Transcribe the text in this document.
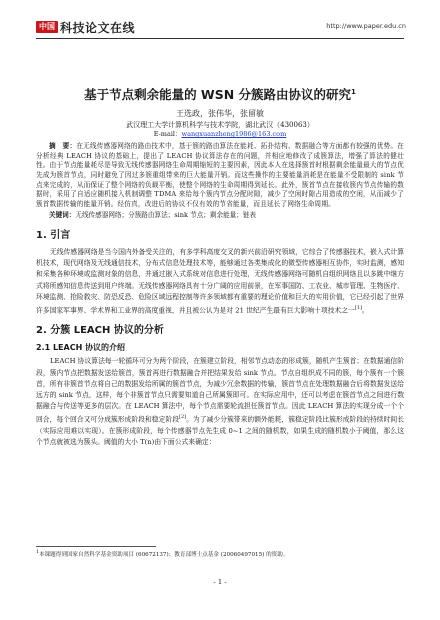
中国 科技论文在线	http://www.paper.edu.cn
基于节点剩余能量的 WSN 分簇路由协议的研究$^1$
王选政，张伟华，张留敏
武汉理工大学计算机科学与技术学院，湖北武汉（430063）
E-mail：wangxuanzheng1986@163.com

摘　要：在无线传感器网络的路由技术中，基于簇的路由算法在能耗、拓扑结构、数据融合等方面都有较强的优势。在分析经典 LEACH 协议的基础上，提出了 LEACH 协议算法存在的问题，并相应地修改了成簇算法，增强了算法的健壮性。由于节点能量耗尽是导致无线传感器网络生命周期缩短的主要因素，因此本人在选择簇首时根据剩余能量最大的节点优先成为簇首节点，同时避免了因过多簇重组带来的巨大能量开销。而这些操作的主要能量消耗是在能量不受限制的 sink 节点来完成的，从而保证了整个网络的负载平衡，使整个网络的生命周期得到延长。此外，簇首节点在接收簇内节点传输的数据时，采用了自适应随机接入机制调整 TDMA 来给每个簇内节点分配时隙，减少了空闲时隙占用造成的空闲，从而减少了簇首数据传输的能量开销。经仿真，改进后的协议不仅有效的节省能量，而且延长了网络生命周期。

关键词：无线传感器网络；分簇路由算法；sink 节点；剩余能量；链表
1. 引言

无线传感器网络是当今国内外备受关注的，有多学科高度交叉的新兴前沿研究领域，它综合了传感器技术，嵌入式计算机技术，现代网络及无线通信技术，分布式信息处理技术等，能够通过各类集成化的微型传感器相互协作，实时监测，感知和采集各种环境或监测对象的信息，并通过嵌入式系统对信息进行处理，无线传感器网络可随机自组织网络且以多跳中继方式将所感知信息传送到用户终端。无线传感器网络具有十分广阔的应用前景，在军事国防、工农业、城市管理、生物医疗、环境监测、抢险救灾、防恐反恐、危险区域远程控制等许多领域都有重要的理论价值和巨大的实用价值，它已经引起了世界许多国家军事界、学术界和工业界的高度重视，并且被公认为是对 21 世纪产生最有巨大影响十项技术之一[1]。

2. 分簇 LEACH 协议的分析
2.1 LEACH 协议的介绍

LEACH 协议算法每一轮循环可分为两个阶段，在簇建立阶段，相邻节点动态的形成簇，随机产生簇首；在数据通信阶段，簇内节点把数据发送给簇首，簇首再进行数据融合并把结果发给 sink 节点。节点自组织成不同的簇，每个簇有一个簇首，所有非簇首节点将自己的数据发给所属的簇首节点，为减少冗余数据的传输，簇首节点在处理数据融合后将数据发送给远方的 sink 节点，这样，每个非簇首节点只需要知道自己所属簇即可。在实际应用中，还可以考虑在簇首节点之间进行数据融合与传送等更多的层次。在 LEACH 算法中，每个节点需要轮流担任簇首节点。因此 LEACH 算法的实现分成一个个回合，每个回合又可分成簇形成阶段和稳定阶段[2]。为了减少分簇带来的额外能耗，簇稳定阶段比簇形成阶段的持续时间长（实际应用难以实现）。在簇形成阶段，每个传感器节点先生成 0~1 之间的随机数，如果生成的随机数小于阈值，那么这个节点就被选为簇头。阈值的大小 T(n)由下面公式来确定：

$^1$本课题得到国家自然科学基金资助项目 (60672137)；教育部博士点基金 (20060497015) 的资助。
- 1 -
